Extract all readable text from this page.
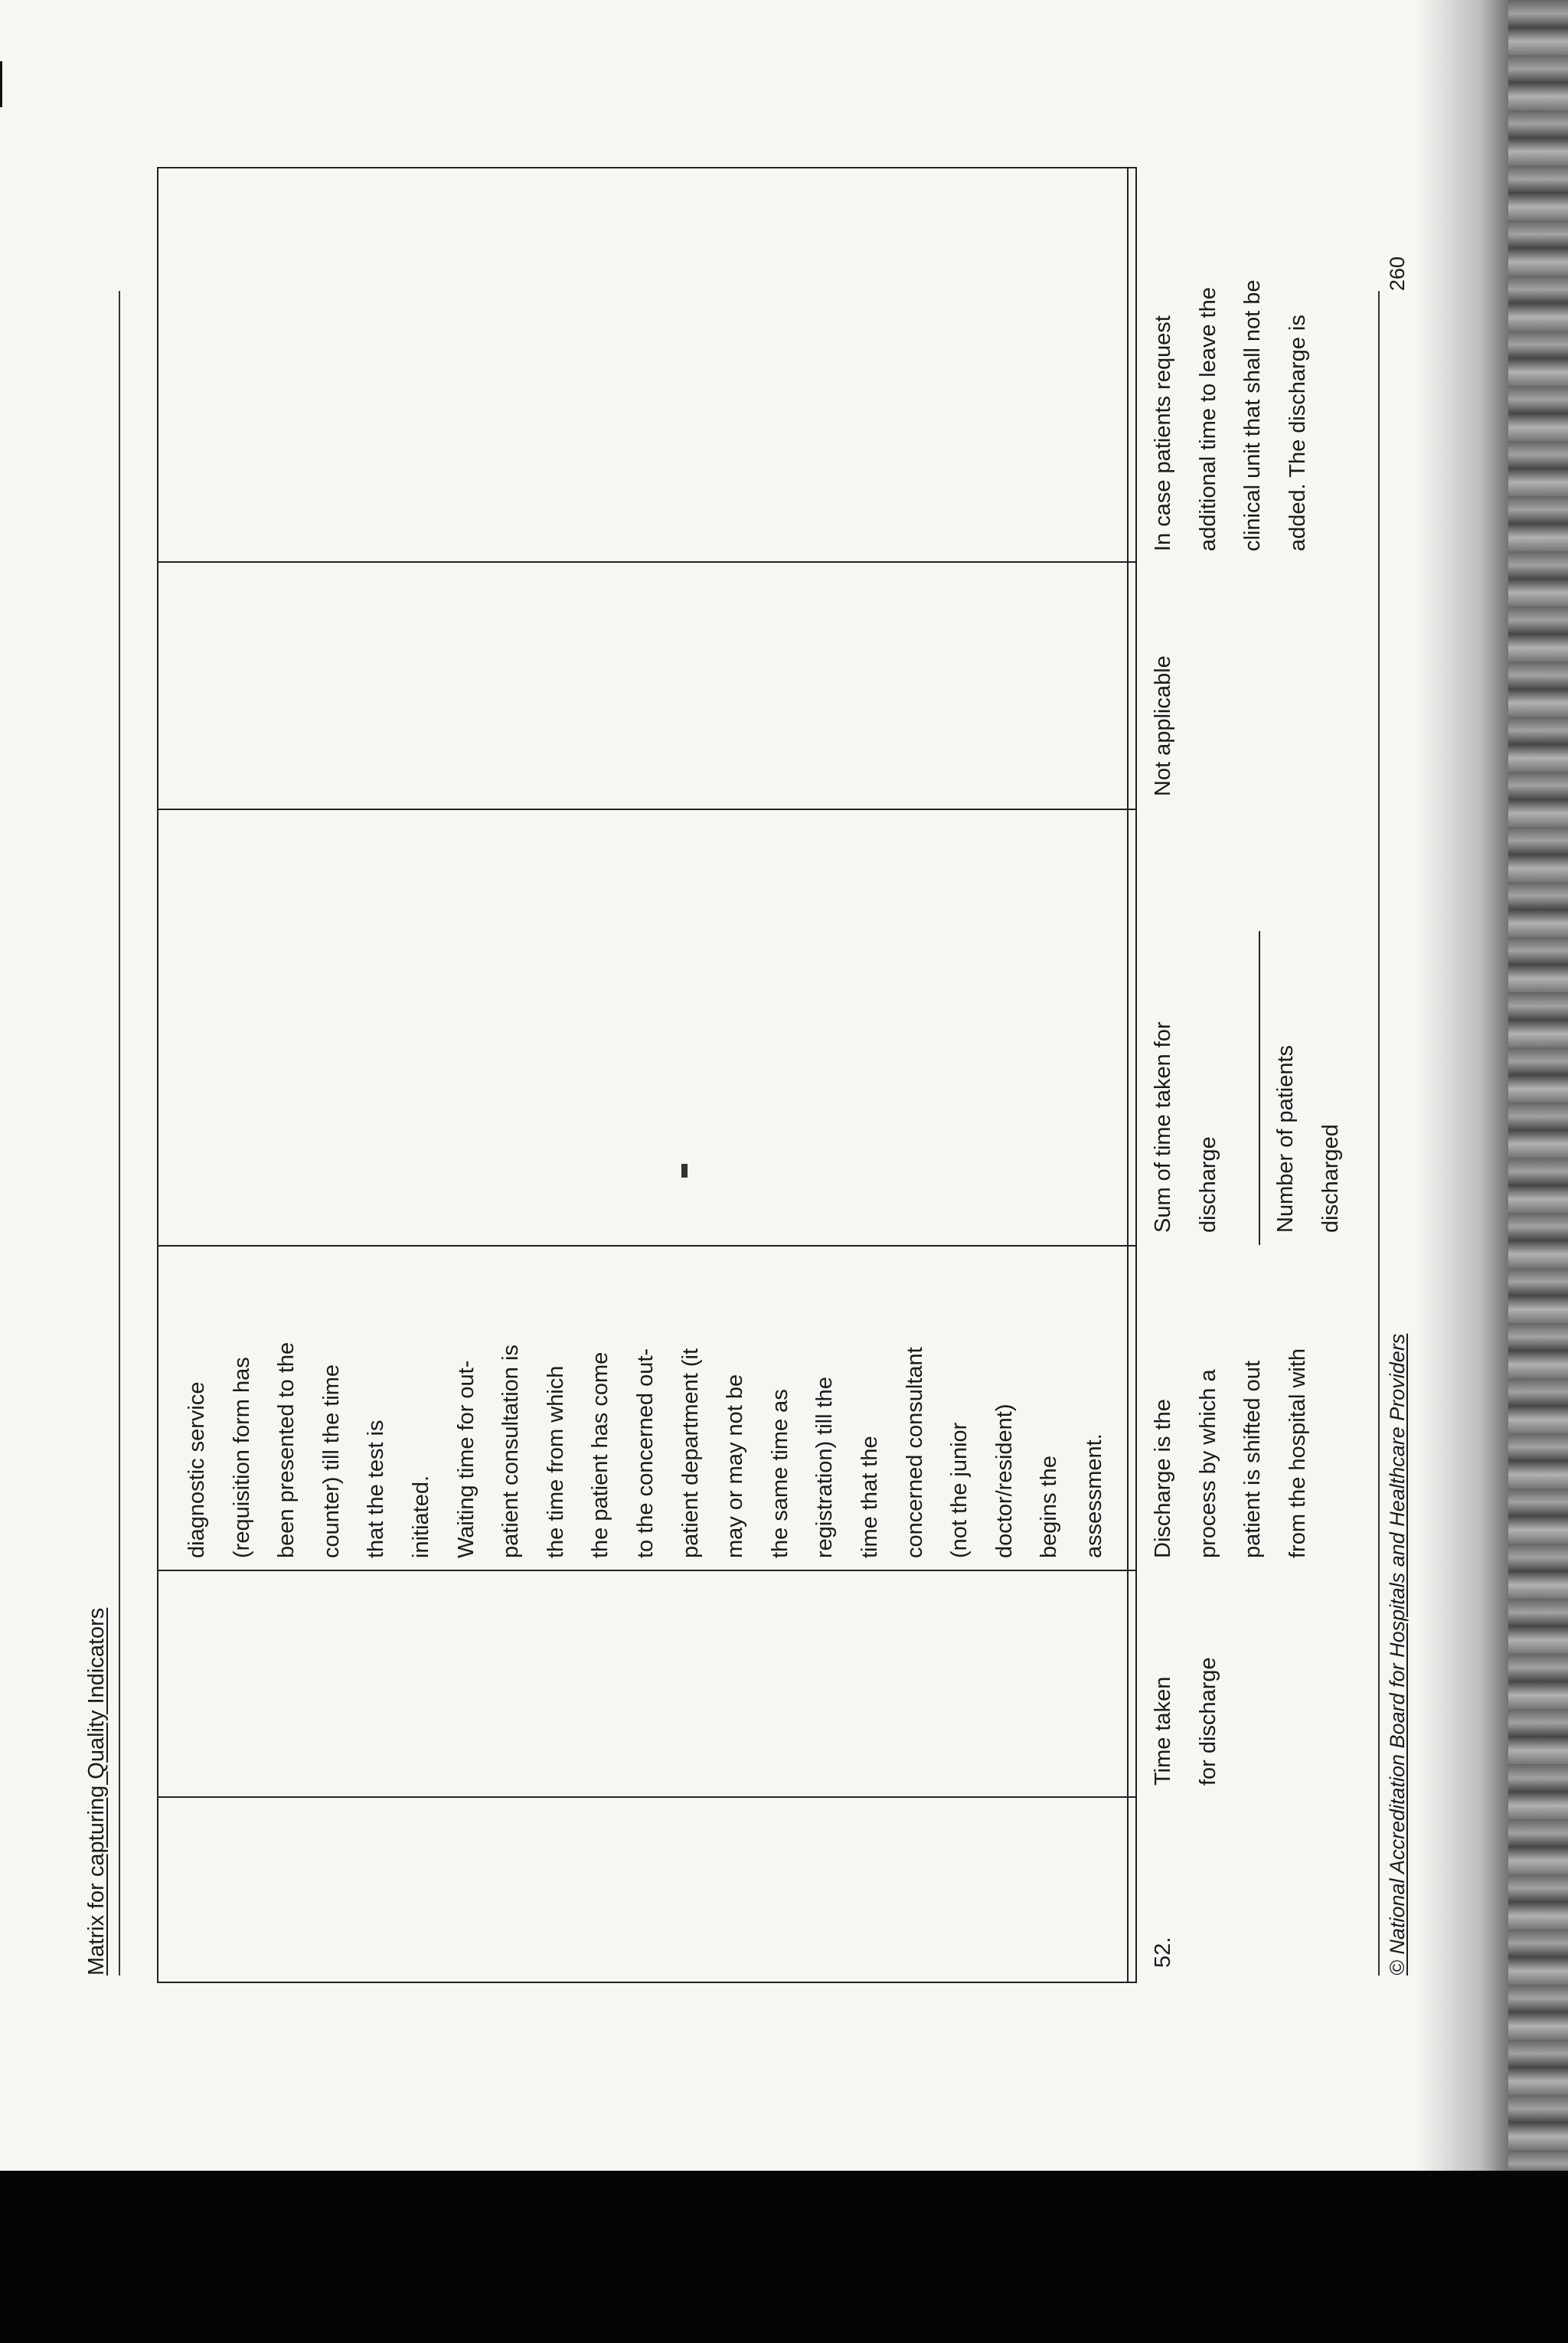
Matrix for capturing Quality Indicators
diagnostic service (requisition form has been presented to the counter) till the time that the test is initiated. Waiting time for out- patient consultation is the time from which the patient has come to the concerned out- patient department (it may or may not be the same time as registration) till the time that the concerned consultant (not the junior doctor/resident) begins the assessment.
52.
Time taken for discharge
Discharge is the process by which a patient is shifted out from the hospital with
Sum of time taken for discharge	Number of patients discharged
Not applicable
In case patients request additional time to leave the clinical unit that shall not be added. The discharge is
© National Accreditation Board for Hospitals and Healthcare Providers
260
